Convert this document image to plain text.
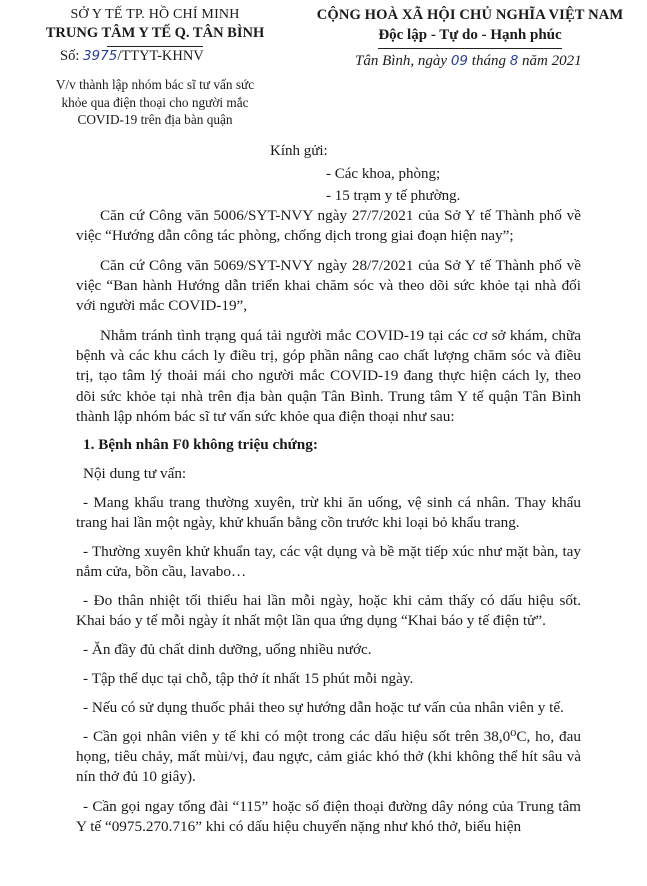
SỞ Y TẾ TP. HỒ CHÍ MINH
TRUNG TÂM Y TẾ Q. TÂN BÌNH
CỘNG HOÀ XÃ HỘI CHỦ NGHĨA VIỆT NAM
Độc lập - Tự do - Hạnh phúc
Số: 3975/TTYT-KHNV	Tân Bình, ngày 09 tháng 8 năm 2021
V/v thành lập nhóm bác sĩ tư vấn sức
khỏe qua điện thoại cho người mắc
COVID-19 trên địa bàn quận
Kính gửi:
- Các khoa, phòng;
- 15 trạm y tế phường.

Căn cứ Công văn 5006/SYT-NVY ngày 27/7/2021 của Sở Y tế Thành phố về việc “Hướng dẫn công tác phòng, chống dịch trong giai đoạn hiện nay”;

Căn cứ Công văn 5069/SYT-NVY ngày 28/7/2021 của Sở Y tế Thành phố về việc “Ban hành Hướng dẫn triển khai chăm sóc và theo dõi sức khỏe tại nhà đối với người mắc COVID-19”,

Nhằm tránh tình trạng quá tải người mắc COVID-19 tại các cơ sở khám, chữa bệnh và các khu cách ly điều trị, góp phần nâng cao chất lượng chăm sóc và điều trị, tạo tâm lý thoải mái cho người mắc COVID-19 đang thực hiện cách ly, theo dõi sức khỏe tại nhà trên địa bàn quận Tân Bình. Trung tâm Y tế quận Tân Bình thành lập nhóm bác sĩ tư vấn sức khỏe qua điện thoại như sau:

1. Bệnh nhân F0 không triệu chứng:
Nội dung tư vấn:
- Mang khẩu trang thường xuyên, trừ khi ăn uống, vệ sinh cá nhân. Thay khẩu trang hai lần một ngày, khử khuẩn bằng cồn trước khi loại bỏ khẩu trang.
- Thường xuyên khử khuẩn tay, các vật dụng và bề mặt tiếp xúc như mặt bàn, tay nắm cửa, bồn cầu, lavabo…
- Đo thân nhiệt tối thiểu hai lần mỗi ngày, hoặc khi cảm thấy có dấu hiệu sốt. Khai báo y tế mỗi ngày ít nhất một lần qua ứng dụng “Khai báo y tế điện tử”.
- Ăn đầy đủ chất dinh dưỡng, uống nhiều nước.
- Tập thể dục tại chỗ, tập thở ít nhất 15 phút mỗi ngày.
- Nếu có sử dụng thuốc phải theo sự hướng dẫn hoặc tư vấn của nhân viên y tế.
- Cần gọi nhân viên y tế khi có một trong các dấu hiệu sốt trên 38,0⁰C, ho, đau họng, tiêu chảy, mất mùi/vị, đau ngực, cảm giác khó thở (khi không thể hít sâu và nín thở đủ 10 giây).
- Cần gọi ngay tổng đài “115” hoặc số điện thoại đường dây nóng của Trung tâm Y tế “0975.270.716” khi có dấu hiệu chuyển nặng như khó thở, biểu hiện
